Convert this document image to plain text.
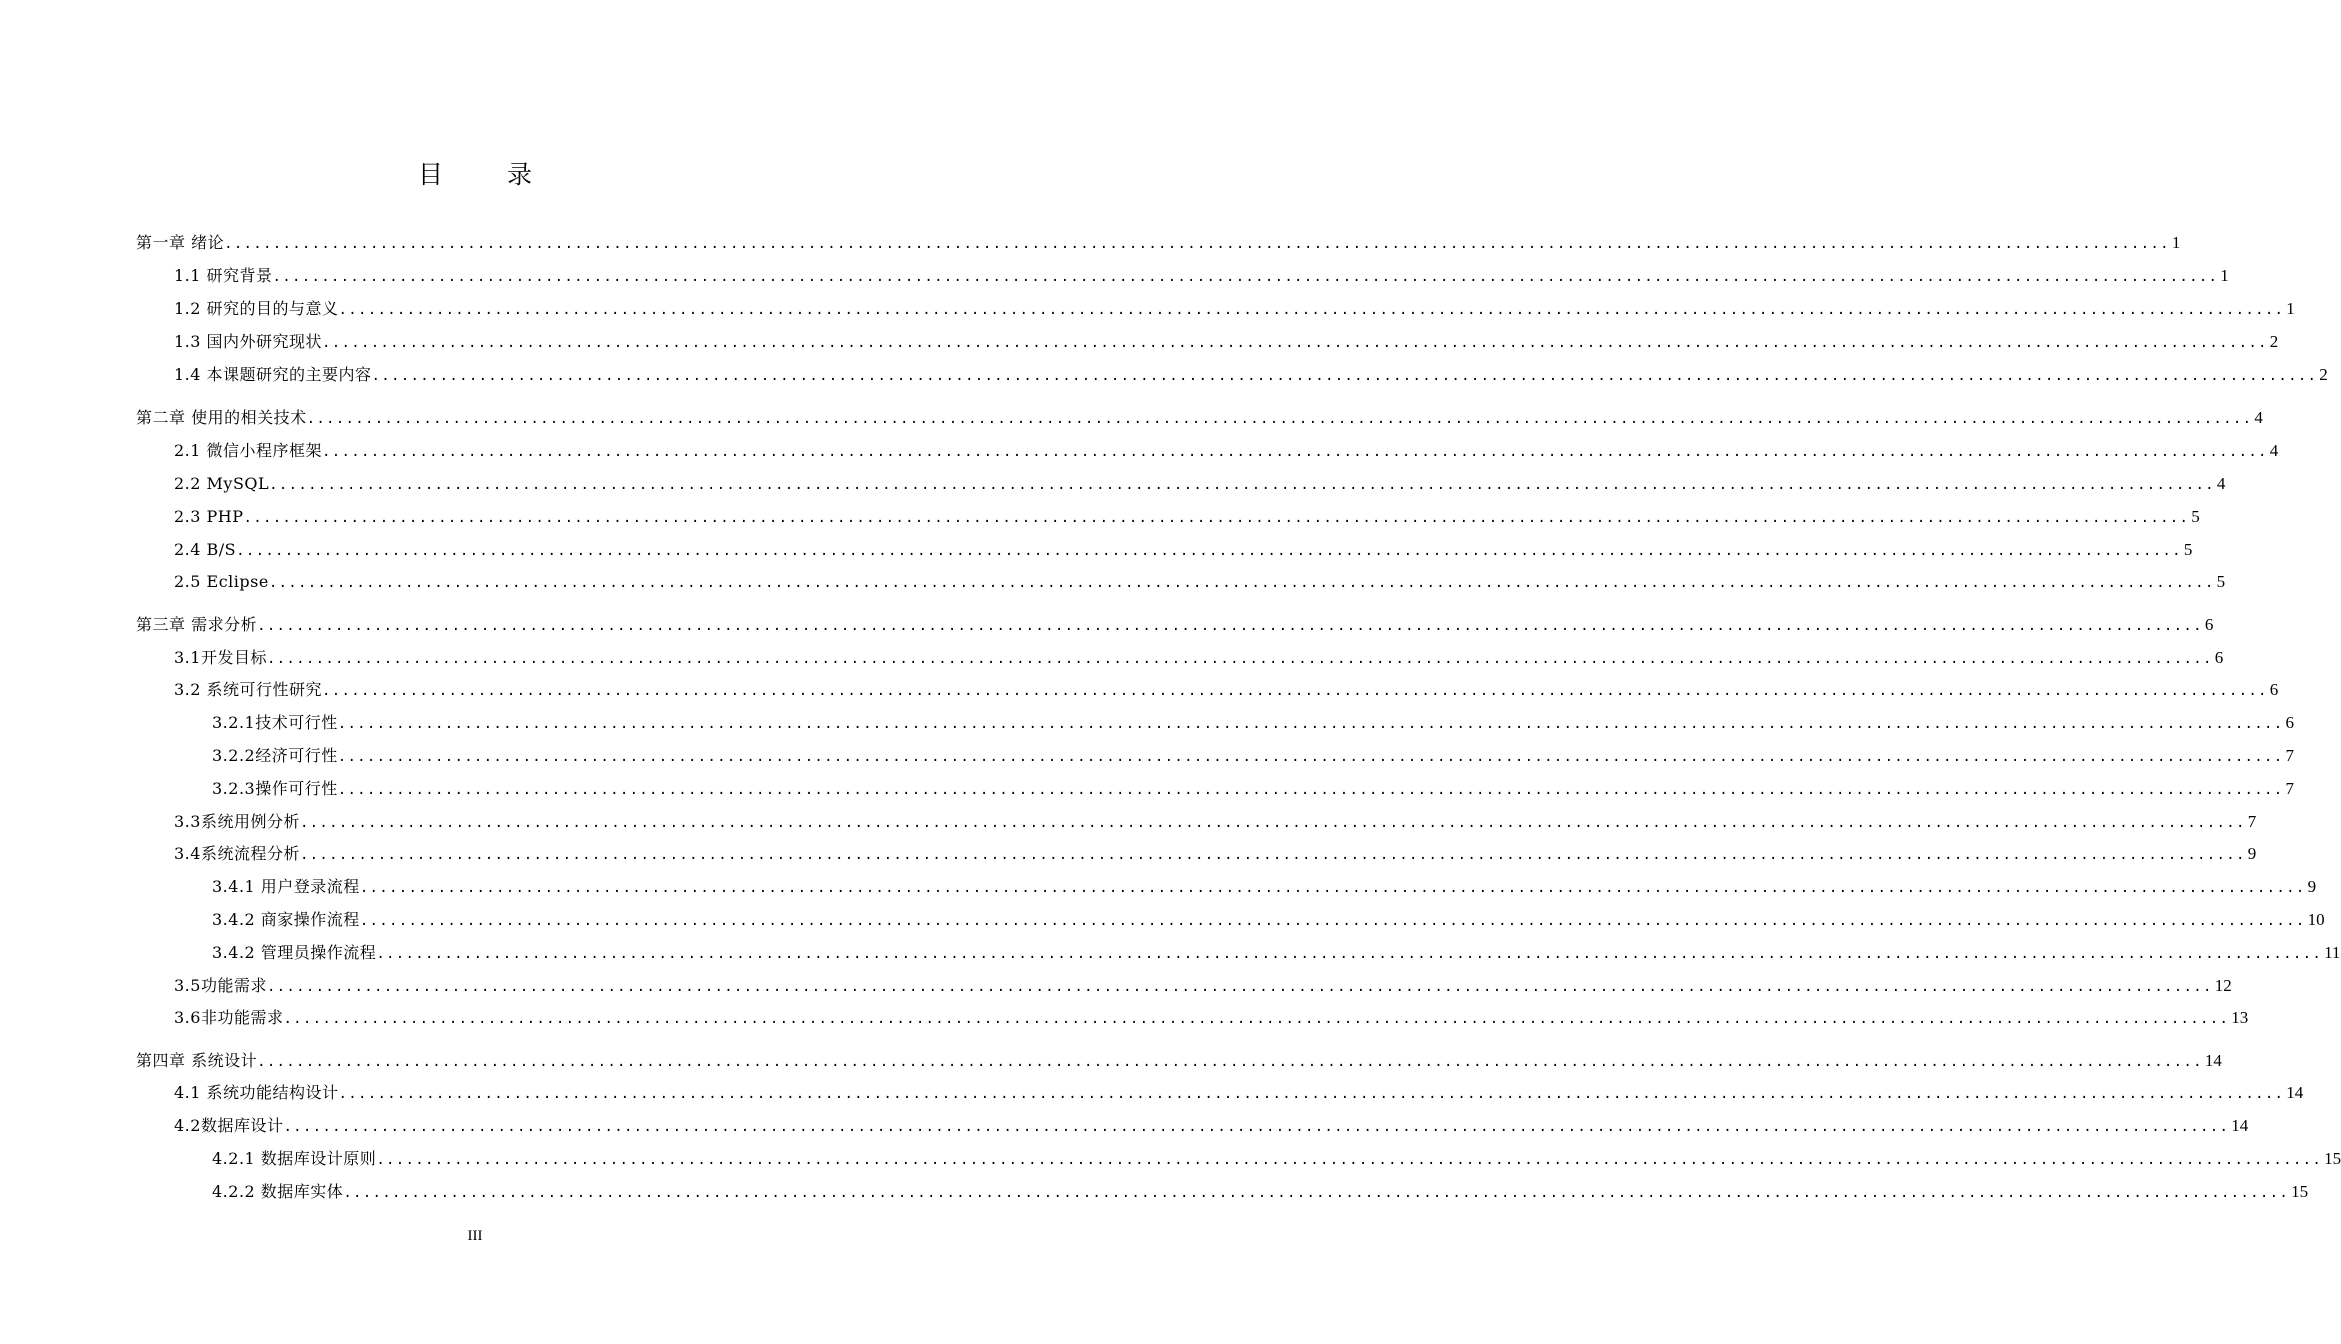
目 录
第一章 绪论 ........................................................................................................................................................................................................ 1
1.1 研究背景 ........................................................................................................................................................................................................ 1
1.2 研究的目的与意义 ........................................................................................................................................................................................................ 1
1.3 国内外研究现状 ........................................................................................................................................................................................................ 2
1.4 本课题研究的主要内容 ........................................................................................................................................................................................................ 2
第二章 使用的相关技术 ........................................................................................................................................................................................................ 4
2.1 微信小程序框架 ........................................................................................................................................................................................................ 4
2.2 MySQL ........................................................................................................................................................................................................ 4
2.3 PHP ........................................................................................................................................................................................................ 5
2.4 B/S ........................................................................................................................................................................................................ 5
2.5 Eclipse ........................................................................................................................................................................................................ 5
第三章 需求分析 ........................................................................................................................................................................................................ 6
3.1开发目标 ........................................................................................................................................................................................................ 6
3.2 系统可行性研究 ........................................................................................................................................................................................................ 6
3.2.1技术可行性 ........................................................................................................................................................................................................ 6
3.2.2经济可行性 ........................................................................................................................................................................................................ 7
3.2.3操作可行性 ........................................................................................................................................................................................................ 7
3.3系统用例分析 ........................................................................................................................................................................................................ 7
3.4系统流程分析 ........................................................................................................................................................................................................ 9
3.4.1 用户登录流程 ........................................................................................................................................................................................................ 9
3.4.2 商家操作流程 ........................................................................................................................................................................................................ 10
3.4.2 管理员操作流程 ........................................................................................................................................................................................................ 11
3.5功能需求 ........................................................................................................................................................................................................ 12
3.6非功能需求 ........................................................................................................................................................................................................ 13
第四章 系统设计 ........................................................................................................................................................................................................ 14
4.1 系统功能结构设计 ........................................................................................................................................................................................................ 14
4.2数据库设计 ........................................................................................................................................................................................................ 14
4.2.1 数据库设计原则 ........................................................................................................................................................................................................ 15
4.2.2 数据库实体 ........................................................................................................................................................................................................ 15
III
